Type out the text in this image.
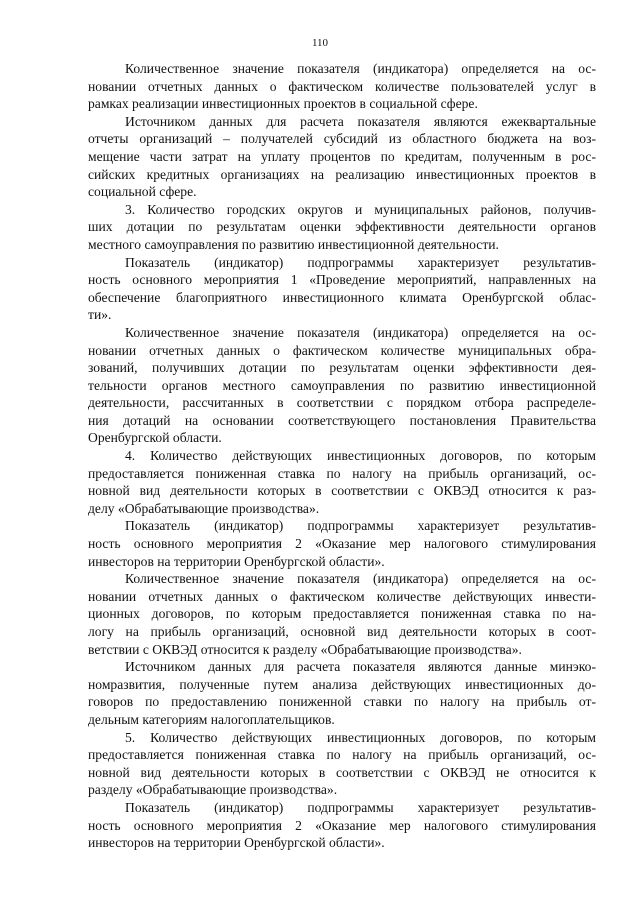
110
Количественное значение показателя (индикатора) определяется на ос-
новании отчетных данных о фактическом количестве пользователей услуг в
рамках реализации инвестиционных проектов в социальной сфере.
Источником данных для расчета показателя являются ежеквартальные
отчеты организаций – получателей субсидий из областного бюджета на воз-
мещение части затрат на уплату процентов по кредитам, полученным в рос-
сийских кредитных организациях на реализацию инвестиционных проектов в
социальной сфере.
3. Количество городских округов и муниципальных районов, получив-
ших дотации по результатам оценки эффективности деятельности органов
местного самоуправления по развитию инвестиционной деятельности.
Показатель (индикатор) подпрограммы характеризует результатив-
ность основного мероприятия 1 «Проведение мероприятий, направленных на
обеспечение благоприятного инвестиционного климата Оренбургской облас-
ти».
Количественное значение показателя (индикатора) определяется на ос-
новании отчетных данных о фактическом количестве муниципальных обра-
зований, получивших дотации по результатам оценки эффективности дея-
тельности органов местного самоуправления по развитию инвестиционной
деятельности, рассчитанных в соответствии с порядком отбора распределе-
ния дотаций на основании соответствующего постановления Правительства
Оренбургской области.
4. Количество действующих инвестиционных договоров, по которым
предоставляется пониженная ставка по налогу на прибыль организаций, ос-
новной вид деятельности которых в соответствии с ОКВЭД относится к раз-
делу «Обрабатывающие производства».
Показатель (индикатор) подпрограммы характеризует результатив-
ность основного мероприятия 2 «Оказание мер налогового стимулирования
инвесторов на территории Оренбургской области».
Количественное значение показателя (индикатора) определяется на ос-
новании отчетных данных о фактическом количестве действующих инвести-
ционных договоров, по которым предоставляется пониженная ставка по на-
логу на прибыль организаций, основной вид деятельности которых в соот-
ветствии с ОКВЭД относится к разделу «Обрабатывающие производства».
Источником данных для расчета показателя являются данные минэко-
номразвития, полученные путем анализа действующих инвестиционных до-
говоров по предоставлению пониженной ставки по налогу на прибыль от-
дельным категориям налогоплательщиков.
5. Количество действующих инвестиционных договоров, по которым
предоставляется пониженная ставка по налогу на прибыль организаций, ос-
новной вид деятельности которых в соответствии с ОКВЭД не относится к
разделу «Обрабатывающие производства».
Показатель (индикатор) подпрограммы характеризует результатив-
ность основного мероприятия 2 «Оказание мер налогового стимулирования
инвесторов на территории Оренбургской области».
